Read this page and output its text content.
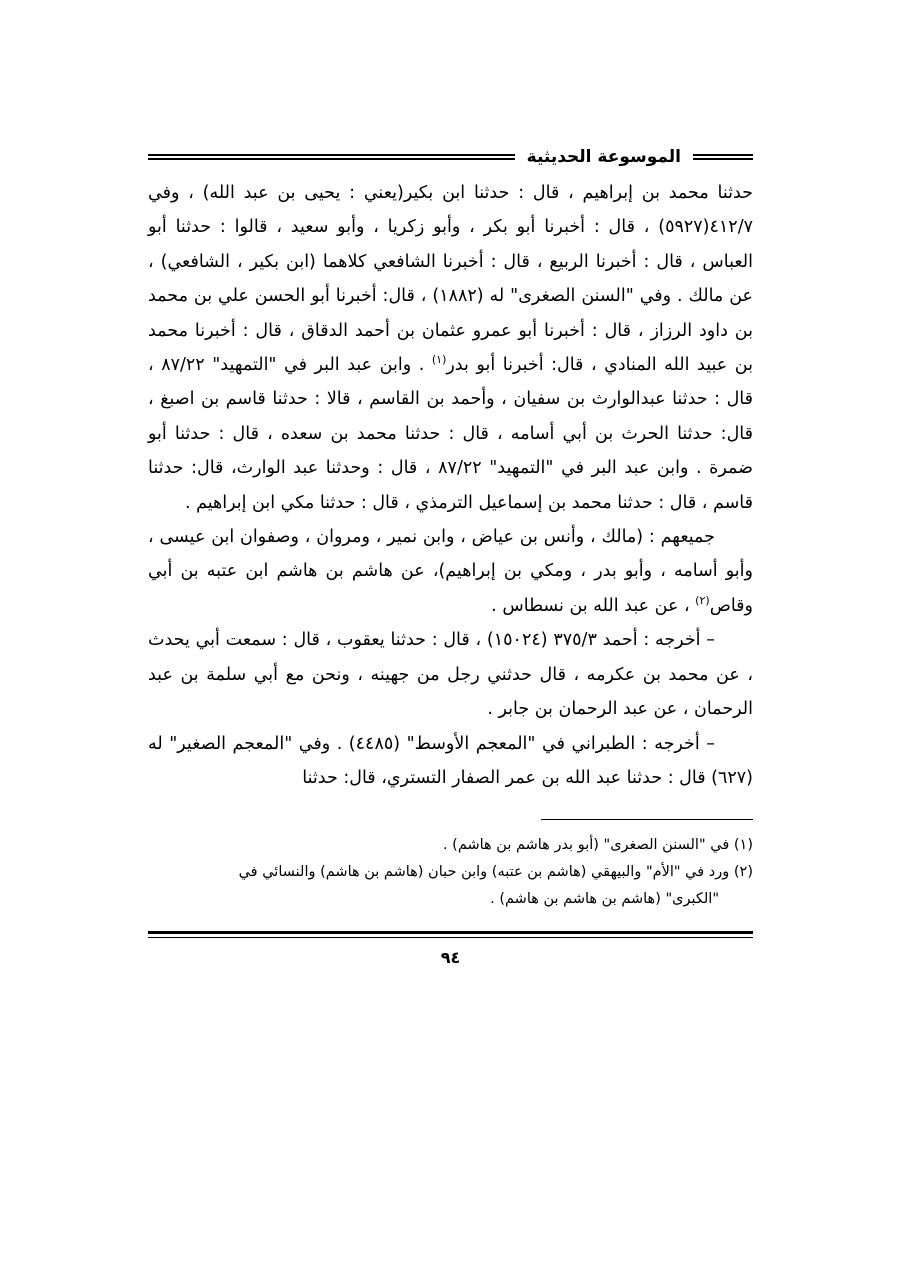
الموسوعة الحديثية

حدثنا محمد بن إبراهيم ، قال : حدثنا ابن بكير(يعني : يحيى بن عبد الله) ، وفي ٤١٢/٧(٥٩٢٧) ، قال : أخبرنا أبو بكر ، وأبو زكريا ، وأبو سعيد ، قالوا : حدثنا أبو العباس ، قال : أخبرنا الربيع ، قال : أخبرنا الشافعي كلاهما (ابن بكير ، الشافعي) ، عن مالك . وفي "السنن الصغرى" له (١٨٨٢) ، قال: أخبرنا أبو الحسن علي بن محمد بن داود الرزاز ، قال : أخبرنا أبو عمرو عثمان بن أحمد الدقاق ، قال : أخبرنا محمد بن عبيد الله المنادي ، قال: أخبرنا أبو بدر$^{(١)}$ . وابن عبد البر في "التمهيد" ٨٧/٢٢ ، قال : حدثنا عبدالوارث بن سفيان ، وأحمد بن القاسم ، قالا : حدثنا قاسم بن اصبغ ، قال: حدثنا الحرث بن أبي أسامه ، قال : حدثنا محمد بن سعده ، قال : حدثنا أبو ضمرة . وابن عبد البر في "التمهيد" ٨٧/٢٢ ، قال : وحدثنا عبد الوارث، قال: حدثنا قاسم ، قال : حدثنا محمد بن إسماعيل الترمذي ، قال : حدثنا مكي ابن إبراهيم .

جميعهم : (مالك ، وأنس بن عياض ، وابن نمير ، ومروان ، وصفوان ابن عيسى ، وأبو أسامه ، وأبو بدر ، ومكي بن إبراهيم)، عن هاشم بن هاشم ابن عتبه بن أبي وقاص$^{(٢)}$ ، عن عبد الله بن نسطاس .

– أخرجه : أحمد ٣٧٥/٣ (١٥٠٢٤) ، قال : حدثنا يعقوب ، قال : سمعت أبي يحدث ، عن محمد بن عكرمه ، قال حدثني رجل من جهينه ، ونحن مع أبي سلمة بن عبد الرحمان ، عن عبد الرحمان بن جابر .

– أخرجه : الطبراني في "المعجم الأوسط" (٤٤٨٥) . وفي "المعجم الصغير" له (٦٢٧) قال : حدثنا عبد الله بن عمر الصفار التستري، قال: حدثنا

(١) في "السنن الصغرى" (أبو بدر هاشم بن هاشم) .

(٢) ورد في "الأم" والبيهقي (هاشم بن عتبه) وابن حبان (هاشم بن هاشم) والنسائي في

"الكبرى" (هاشم بن هاشم بن هاشم) .

٩٤
